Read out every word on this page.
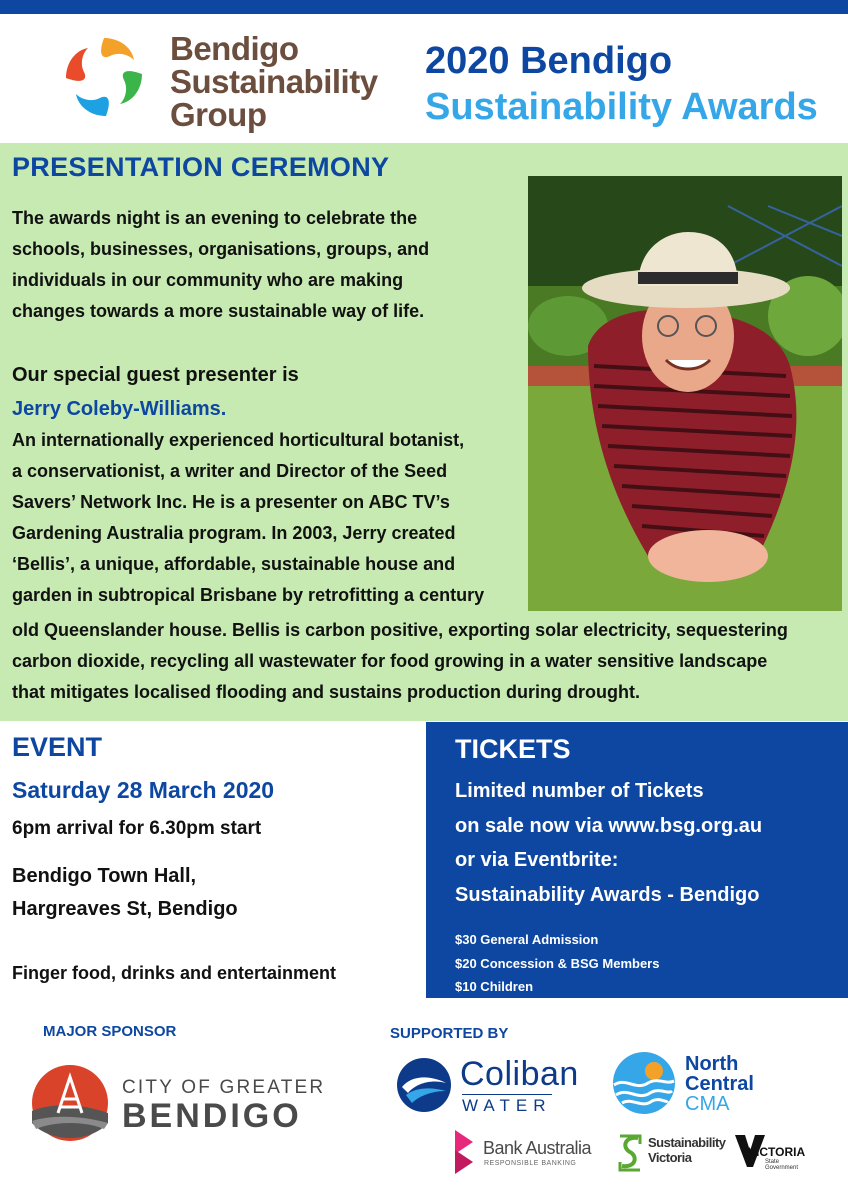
Bendigo
Sustainability
Group
2020 Bendigo
Sustainability Awards
PRESENTATION CEREMONY
The awards night is an evening to celebrate the
schools, businesses, organisations, groups, and
individuals in our community who are making
changes towards a more sustainable way of life.
Our special guest presenter is
Jerry Coleby-Williams.
An internationally experienced horticultural botanist,
a conservationist, a writer and Director of the Seed
Savers’ Network Inc. He is a presenter on ABC TV’s
Gardening Australia program. In 2003, Jerry created
‘Bellis’, a unique, affordable, sustainable house and
garden in subtropical Brisbane by retrofitting a century
old Queenslander house. Bellis is carbon positive, exporting solar electricity, sequestering
carbon dioxide, recycling all wastewater for food growing in a water sensitive landscape
that mitigates localised flooding and sustains production during drought.
EVENT
Saturday 28 March 2020
6pm arrival for 6.30pm start
Bendigo Town Hall,
Hargreaves St, Bendigo
Finger food, drinks and entertainment
TICKETS
Limited number of Tickets
on sale now via www.bsg.org.au
or via Eventbrite:
Sustainability Awards - Bendigo
$30 General Admission
$20 Concession & BSG Members
$10 Children
MAJOR SPONSOR	SUPPORTED BY
CITY OF GREATER
BENDIGO
Coliban
WATER
North
Central
CMA
Bank Australia
RESPONSIBLE BANKING
Sustainability
Victoria	VICTORIA
State
Government
